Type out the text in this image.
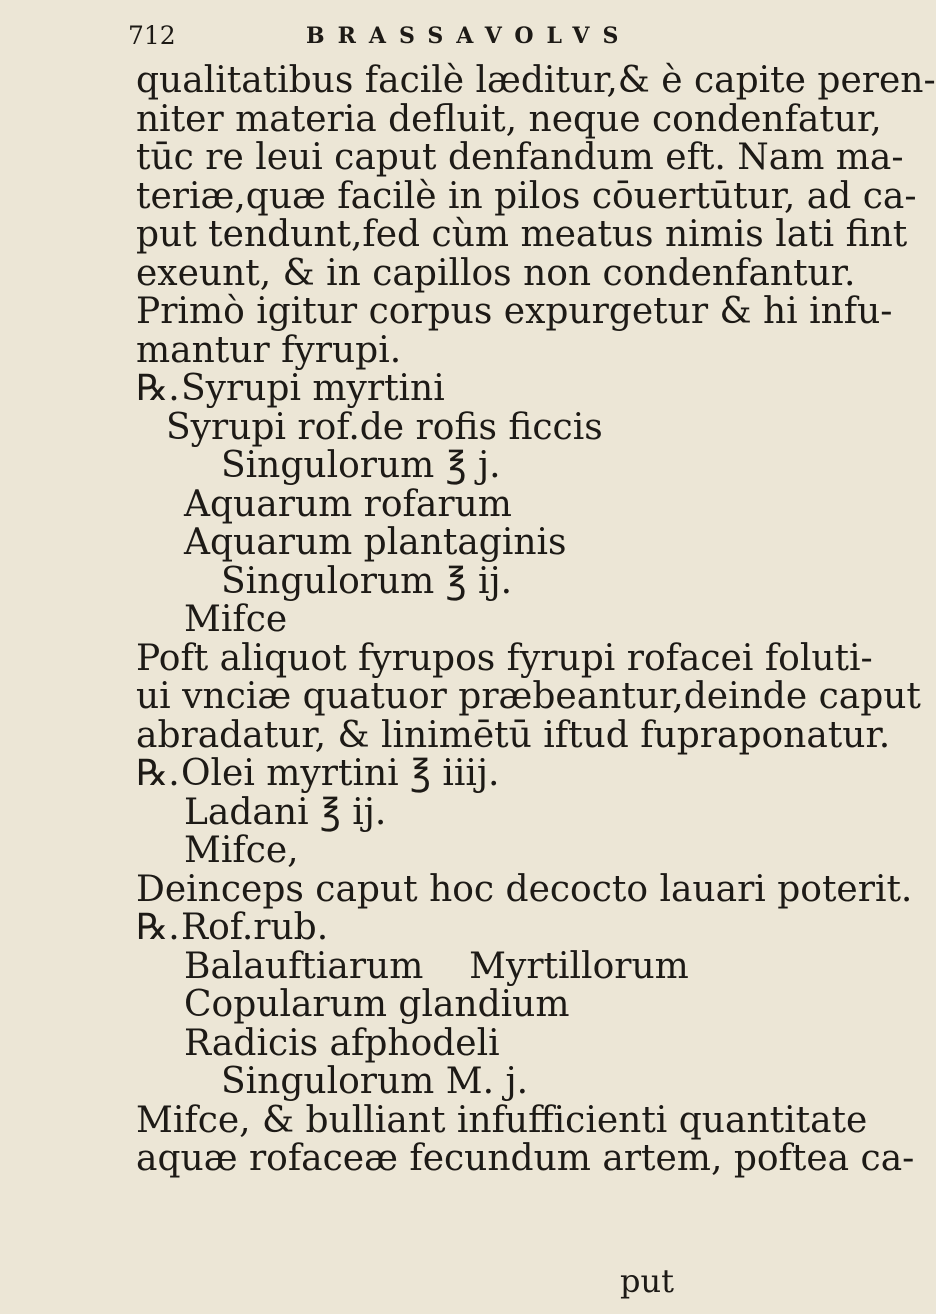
712	BRASSAVOLVS
qualitatibus facilè læditur,& è capite peren-
niter materia defluit, neque condenfatur,
tūc re leui caput denfandum eft. Nam ma-
teriæ,quæ facilè in pilos cōuertūtur, ad ca-
put tendunt,fed cùm meatus nimis lati fint
exeunt, & in capillos non condenfantur.
Primò igitur corpus expurgetur & hi infu-
mantur fyrupi.
℞.Syrupi myrtini
Syrupi rof.de rofis ficcis
Singulorum ℥ j.
Aquarum rofarum
Aquarum plantaginis
Singulorum ℥ ij.
Mifce
Poft aliquot fyrupos fyrupi rofacei foluti-
ui vnciæ quatuor præbeantur,deinde caput
abradatur, & linimētū iftud fupraponatur.
℞.Olei myrtini ℥ iiij.
Ladani ℥ ij.
Mifce,
Deinceps caput hoc decocto lauari poterit.
℞.Rof.rub.
Balauftiarum    Myrtillorum
Copularum glandium
Radicis afphodeli
Singulorum M. j.
Mifce, & bulliant infufficienti quantitate
aquæ rofaceæ fecundum artem, poftea ca-
put
